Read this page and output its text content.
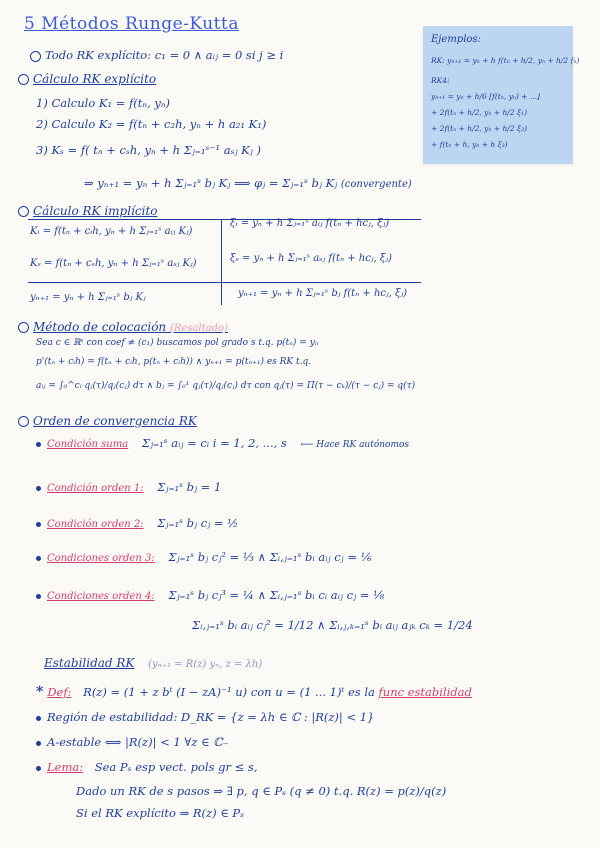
5 Métodos Runge-Kutta
Todo RK explícito: c₁ = 0 ∧ aᵢⱼ = 0 si j ≥ i
Ejemplos:
RK: yₙ₊₁ = yₙ + h f(tₙ + h/2, yₙ + h/2 fₙ)
RK4:
yₙ₊₁ = yₙ + h/6 [f(tₙ, yₙ) + ...]
+ 2f(tₙ + h/2, yₙ + h/2 ξ₁)
+ 2f(tₙ + h/2, yₙ + h/2 ξ₂)
+ f(tₙ + h, yₙ + h ξ₃)
Cálculo RK explícito
1) Calculo K₁ = f(tₙ, yₙ)
2) Calculo K₂ = f(tₙ + c₂h, yₙ + h a₂₁ K₁)
3) Kₛ = f( tₙ + cₛh, yₙ + h Σⱼ₌₁ˢ⁻¹ aₛⱼ Kⱼ )
⇒ yₙ₊₁ = yₙ + h Σⱼ₌₁ˢ bⱼ Kⱼ ⟹ φⱼ = Σⱼ₌₁ˢ bⱼ Kⱼ (convergente)
Cálculo RK implícito
Kᵢ = f(tₙ + cᵢh, yₙ + h Σⱼ₌₁ˢ aᵢⱼ Kⱼ)
ξᵢ = yₙ + h Σⱼ₌₁ˢ aᵢⱼ f(tₙ + hcⱼ, ξⱼ)
Kₛ = f(tₙ + cₛh, yₙ + h Σⱼ₌₁ˢ aₛⱼ Kⱼ)	ξₛ = yₙ + h Σⱼ₌₁ˢ aₛⱼ f(tₙ + hcⱼ, ξⱼ)
yₙ₊₁ = yₙ + h Σⱼ₌₁ˢ bⱼ Kⱼ	yₙ₊₁ = yₙ + h Σⱼ₌₁ˢ bⱼ f(tₙ + hcⱼ, ξⱼ)
Método de colocación (Resaltado)
Sea c ∈ ℝˢ con coef ≠ (c₁) buscamos pol grado s t.q. p(tₙ) = yₙ
p'(tₙ + cᵢh) = f(tₙ + cᵢh, p(tₙ + cᵢh)) ∧ yₙ₊₁ = p(tₙ₊₁) es RK t.q.
aᵢⱼ = ∫₀^cᵢ qⱼ(τ)/qⱼ(cⱼ) dτ ∧ bⱼ = ∫₀¹ qⱼ(τ)/qⱼ(cⱼ) dτ con qⱼ(τ) = Π(τ − cₖ)/(τ − cⱼ) = q(τ)
Orden de convergencia RK
Condición suma Σⱼ₌₁ˢ aᵢⱼ = cᵢ i = 1, 2, ..., s ⟵ Hace RK autónomos
Condición orden 1: Σⱼ₌₁ˢ bⱼ = 1
Condición orden 2: Σⱼ₌₁ˢ bⱼ cⱼ = ½
Condiciones orden 3: Σⱼ₌₁ˢ bⱼ cⱼ² = ⅓ ∧ Σᵢ,ⱼ₌₁ˢ bᵢ aᵢⱼ cⱼ = ⅙
Condiciones orden 4: Σⱼ₌₁ˢ bⱼ cⱼ³ = ¼ ∧ Σᵢ,ⱼ₌₁ˢ bᵢ cᵢ aᵢⱼ cⱼ = ⅛
Σᵢ,ⱼ₌₁ˢ bᵢ aᵢⱼ cⱼ² = 1/12 ∧ Σᵢ,ⱼ,ₖ₌₁ˢ bᵢ aᵢⱼ aⱼₖ cₖ = 1/24
Estabilidad RK (yₙ₊₁ = R(z) yₙ, z = λh)
* Def: R(z) = (1 + z bᵗ (I − zA)⁻¹ u) con u = (1 ... 1)ᵗ es la func estabilidad
Región de estabilidad: D_RK = {z = λh ∈ ℂ : |R(z)| < 1}
A-estable ⟺ |R(z)| < 1 ∀z ∈ ℂ₋
Lema: Sea Pₛ esp vect. pols gr ≤ s,
Dado un RK de s pasos ⇒ ∃ p, q ∈ Pₛ (q ≠ 0) t.q. R(z) = p(z)/q(z)
Si el RK explícito ⇒ R(z) ∈ Pₛ
